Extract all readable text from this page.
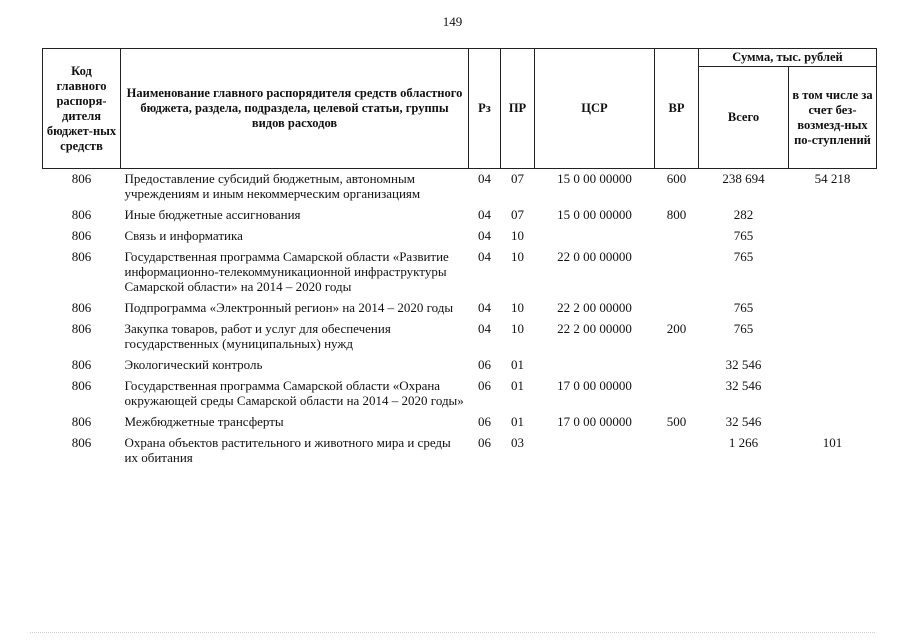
149
Код главного распоря-дителя бюджет-ных средств	Наименование главного распорядителя средств областного бюджета, раздела, подраздела, целевой статьи, группы видов расходов	Рз	ПР	ЦСР	ВР	Сумма, тыс. рублей	
						Всего	в том числе за счет без-возмезд-ных по-ступлений
806	Предоставление субсидий бюджетным, автономным учреждениям и иным некоммерческим организациям	04	07	15 0 00 00000	600	238 694	54 218
806	Иные бюджетные ассигнования	04	07	15 0 00 00000	800	282	
806	Связь и информатика	04	10			765	
806	Государственная программа Самарской области «Развитие информационно-телекоммуникационной инфраструктуры Самарской области» на 2014 – 2020 годы	04	10	22 0 00 00000		765	
806	Подпрограмма «Электронный регион» на 2014 – 2020 годы	04	10	22 2 00 00000		765	
806	Закупка товаров, работ и услуг для обеспечения государственных (муниципальных) нужд	04	10	22 2 00 00000	200	765	
806	Экологический контроль	06	01			32 546	
806	Государственная программа Самарской области «Охрана окружающей среды Самарской области на 2014 – 2020 годы»	06	01	17 0 00 00000		32 546	
806	Межбюджетные трансферты	06	01	17 0 00 00000	500	32 546	
806	Охрана объектов растительного и животного мира и среды их обитания	06	03			1 266	101
